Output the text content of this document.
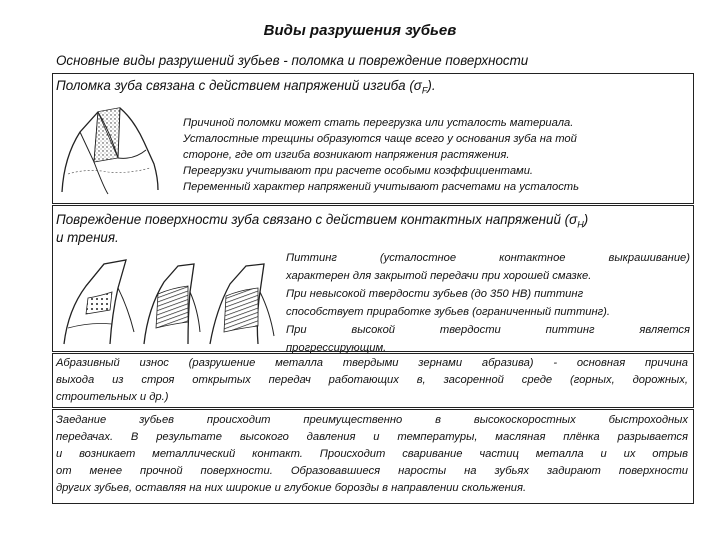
Виды разрушения зубьев

Основные виды разрушений зубьев - поломка и повреждение поверхности

Поломка зуба связана с действием напряжений изгиба $(\sigma_F)$.

Причиной поломки может стать перегрузка или усталость материала.

Усталостные трещины образуются чаще всего у основания зуба на той

стороне, где от изгиба возникают напряжения растяжения.

Перегрузки учитывают при расчете особыми коэффициентами.

Переменный характер напряжений учитывают расчетами на усталость

Повреждение поверхности зуба связано с действием контактных напряжений $(\sigma_H)$

и трения.

Питтинг (усталостное контактное выкрашивание)

характерен для закрытой передачи при хорошей смазке.

При невысокой твердости зубьев (до 350 HB) питтинг

способствует приработке зубьев (ограниченный питтинг).

При высокой твердости питтинг является

прогрессирующим.

Абразивный износ (разрушение металла твердыми зернами абразива) - основная причина

выхода из строя открытых передач работающих в, засоренной среде (горных, дорожных,

строительных и др.)

Заедание зубьев происходит преимущественно в высокоскоростных быстроходных

передачах. В результате высокого давления и температуры, масляная плёнка разрывается

и возникает металлический контакт. Происходит сваривание частиц металла и их отрыв

от менее прочной поверхности. Образовавшиеся наросты на зубьях задирают поверхности

других зубьев, оставляя на них широкие и глубокие борозды в направлении скольжения.
